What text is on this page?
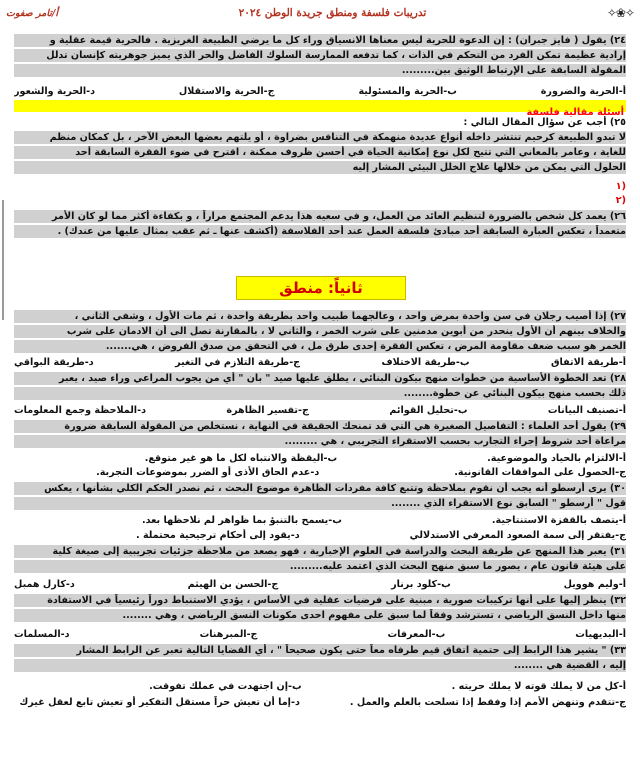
✧❀✧
تدريبات فلسفة ومنطق جريدة الوطن ٢٠٢٤
أ/تامر صفوت
٢٤) يقول ( فايز جبران) : إن الدعوة للحرية ليس معناها الانسياق وراء كل ما يرضي الطبيعة الغريزية . فالحرية قيمة عقلية و
إرادية عظيمة تمكن الفرد من التحكم في الذات ، كما تدفعه الممارسة السلوك الفاضل والحر الذي يميز جوهريته كإنسان تدلل
المقولة السابقة على الإرتباط الوثيق بين.........
أ-الحرية والضرورة
ب-الحرية والمسئولية
ج-الحرية والاستقلال
د-الحرية والشعور
أسئلة مقالية فلسفة
٢٥) أجب عن سؤال المقال التالي :
لا تبدو الطبيعة كرحيم تنتشر داخله أنواع عديدة منهمكة في التنافس بضراوة ، أو يلتهم بعضها البعض الآخر ، بل كمكان منظم
للغاية ، وعامر بالمعاني التي تتيح لكل نوع إمكانية الحياة في أحسن ظروف ممكنة ، اقترح في ضوء الفقرة السابقة أحد
الحلول التي يمكن من خلالها علاج الخلل البيئي المشار إليه
(١
(٢
٢٦) يعمد كل شخص بالضرورة لتنظيم العائد من العمل، و في سعيه هذا يدعم المجتمع مراراً ، و بكفاءة أكثر مما لو كان الأمر
متعمداً ، تعكس العبارة السابقة أحد مبادئ فلسفة العمل عند أحد الفلاسفة (أكشف عنها ـ ثم عقب بمثال عليها من عندك) .
ثانياً: منطق
٢٧) إذا أصيب رجلان في سن واحدة بمرض واحد ، وعالجهما طبيب واحد بطريقة واحدة ، ثم مات الأول ، وشفي الثاني ،
والخلاف بينهم أن الأول ينحدر من أبوين مدمنين على شرب الخمر ، والثاني لا ، بالمقارنة تصل الى أن الادمان على شرب
الخمر هو سبب ضعف مقاومة المرض ، تعكس الفقرة إحدى طرق مل ، في التحقق من صدق الفروض ، هي.......
أ-طريقة الاتفاق
ب-طريقة الاختلاف
ج-طريقة التلازم في التغير
د-طريقة البواقي
٢٨) تعد الخطوة الأساسية من خطوات منهج بيكون البنائي ، يطلق عليها صيد " بان " أي من يجوب المراعي وراء صيد ، يعبر
ذلك بحسب منهج بيكون البنائي عن خطوة........
أ-تصنيف البيانات
ب-تحليل القوائم
ج-تفسير الظاهرة
د-الملاحظة وجمع المعلومات
٢٩) يقول أحد العلماء : التفاصيل الصغيرة هي التي قد تمنحك الحقيقة في النهاية ، نستخلص من المقولة السابقة ضرورة
مراعاة أحد شروط إجراء التجارب بحسب الاستقراء التجريبي ، هي .........
أ-الالتزام بالحياد والموضوعية.
ب-اليقظة والانتباه لكل ما هو غير متوقع.
ج-الحصول على الموافقات القانونية.
د-عدم الحاق الأذى أو الضرر بموضوعات التجربة.
٣٠) يرى أرسطو أنه يجب أن نقوم بملاحظة وتتبع كافة مفردات الظاهرة موضوع البحث ، ثم نصدر الحكم الكلي بشأنها ، يعكس
قول " أرسطو " السابق نوع الاستقراء الذي ........
أ-يتصف بالقفزة الاستنتاجية.
ب-يسمح بالتنبؤ بما ظواهر لم نلاحظها بعد.
ج-يفتقر إلى سمة الصعود المعرفي الاستدلالي
د-يقود إلى أحكام ترجيحية محتملة .
٣١) يعبر هذا المنهج عن طريقة البحث والدراسة في العلوم الإخبارية ، فهو يصعد من ملاحظة جزئيات تجريبية إلى صيغة كلية
على هيئة قانون عام ، يصور ما سبق منهج البحث الذي اعتمد عليه.........
أ-وليم هوويل
ب-كلود برنار
ج-الحسن بن الهيثم
د-كارل همبل
٣٢) ينظر إليها على أنها تركيبات صورية ، مبنية على فرضيات عقلية في الأساس ، يؤدي الاستنباط دوراً رئيسياً في الاستفادة
منها داخل النسق الرياضي ، تسترشد وفقاً لما سبق على مفهوم احدى مكونات النسق الرياضي ، وهي ........
أ-البديهيات
ب-المعرفات
ج-المبرهنات
د-المسلمات
٣٣) " يشير هذا الرابط إلى حتمية اتفاق قيم طرفاه معاً حتى يكون صحيحاً " ، أي القضايا التالية تعبر عن الرابط المشار
إليه ، القضية هي ........
أ-كل من لا يملك قوته لا يملك حريته .
ب-إن اجتهدت في عملك تفوقت.
ج-تتقدم وتنهض الأمم إذا وفقط إذا تسلحت بالعلم والعمل .
د-إما أن تعيش حراً مستقل التفكير أو تعيش تابع لعقل غيرك
